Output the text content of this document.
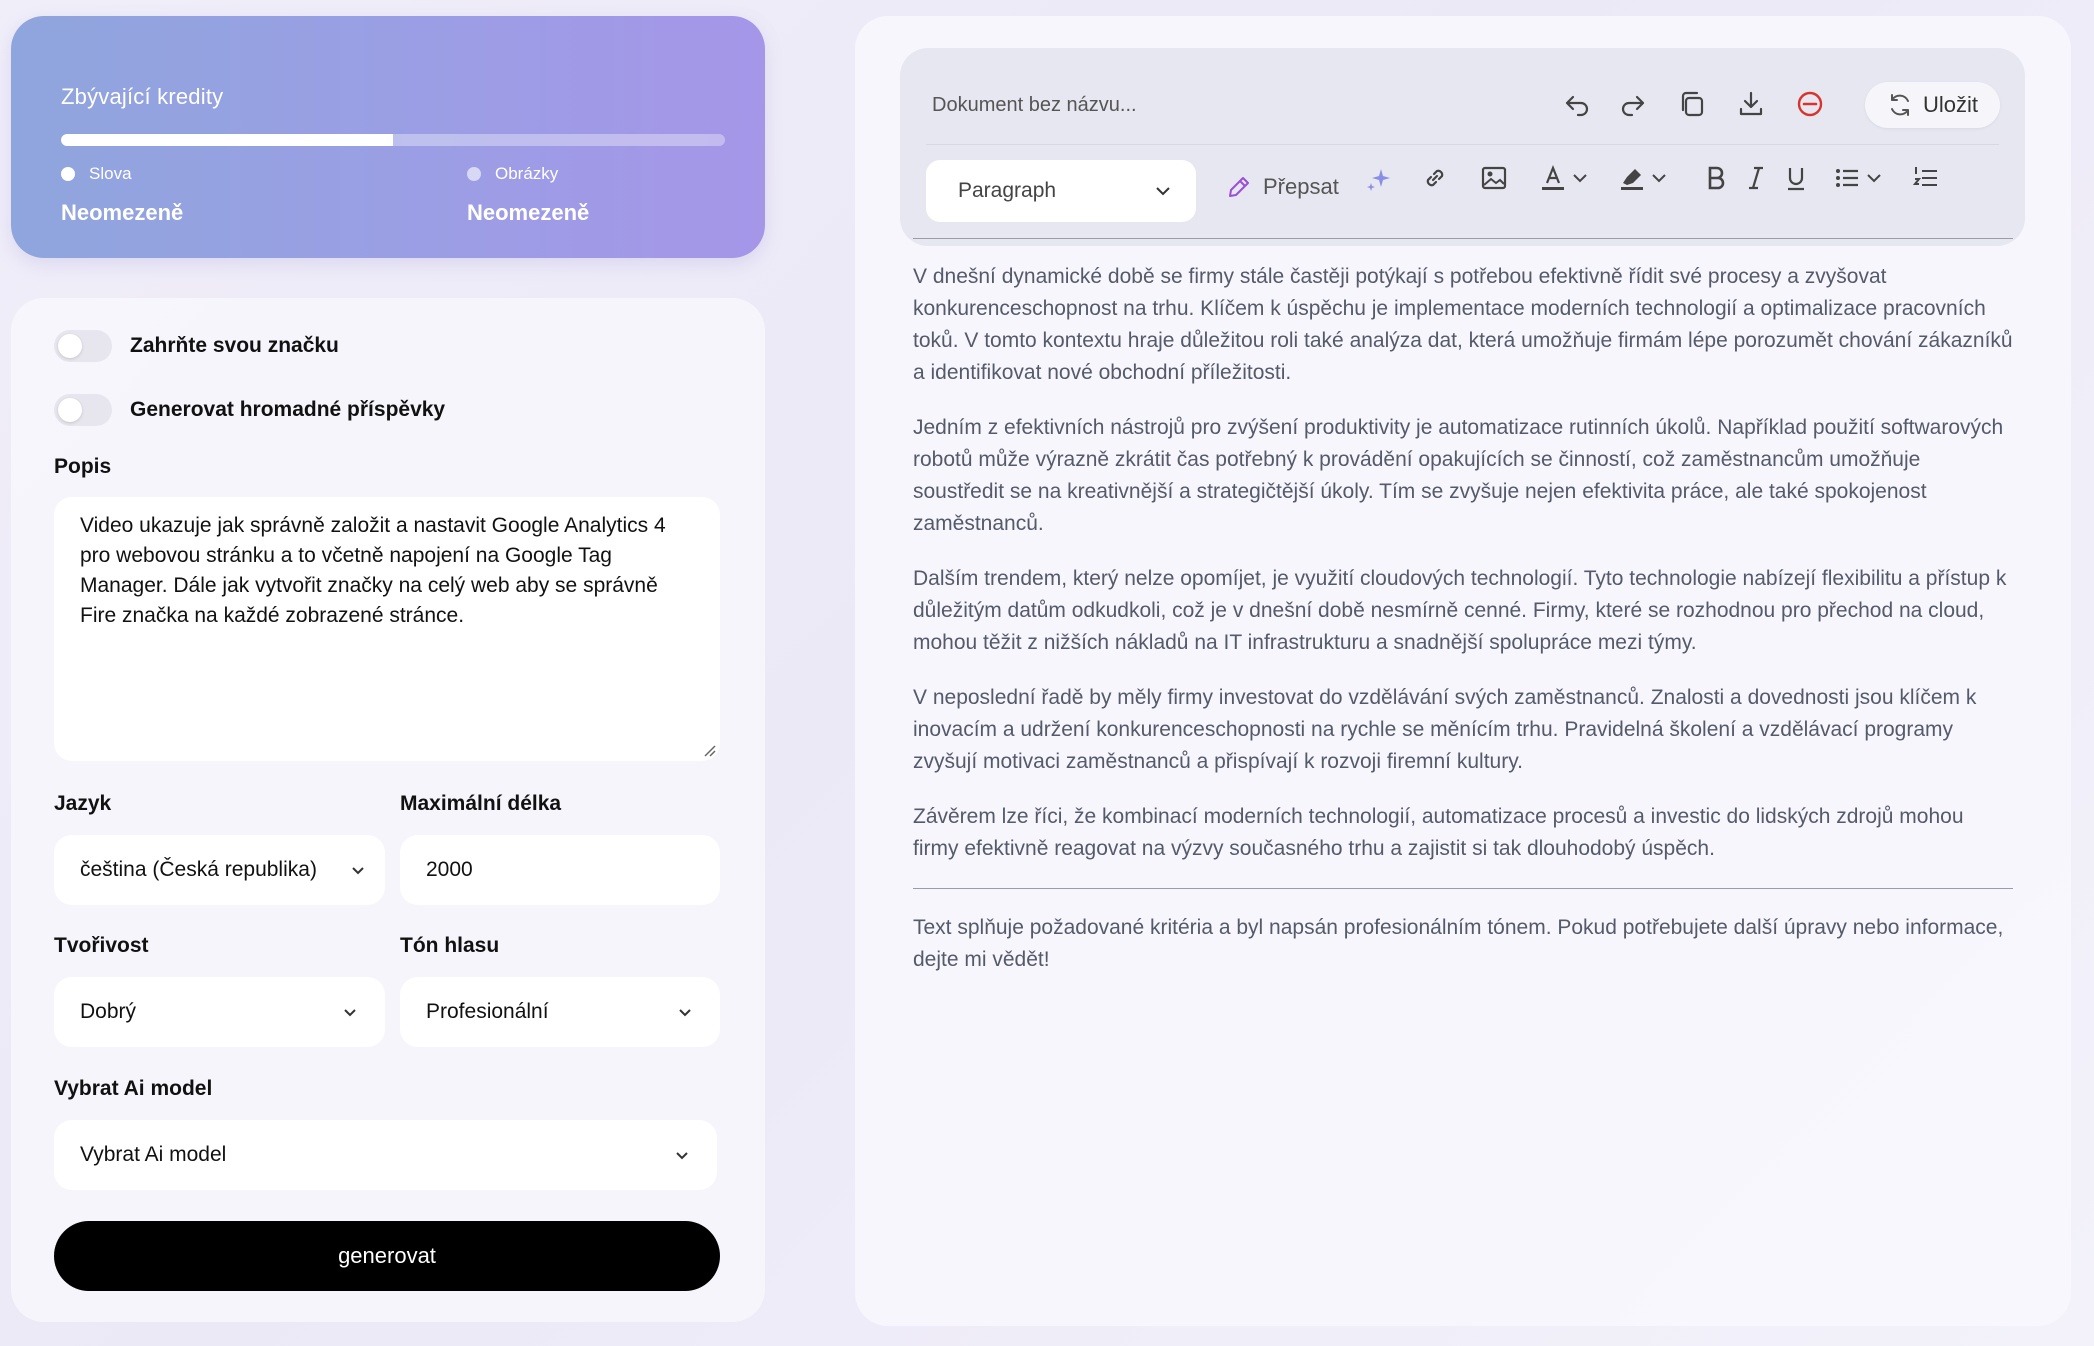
Zbývající kredity
Slova
Neomezeně
Obrázky
Neomezeně
Zahrňte svou značku
Generovat hromadné příspěvky
Popis
Video ukazuje jak správně založit a nastavit Google Analytics 4 pro webovou stránku a to včetně napojení na Google Tag Manager. Dále jak vytvořit značky na celý web aby se správně Fire značka na každé zobrazené stránce.
Jazyk
čeština (Česká republika)
Maximální délka
2000
Tvořivost
Dobrý
Tón hlasu
Profesionální
Vybrat Ai model
Vybrat Ai model
generovat
Dokument bez názvu...	Uložit
Paragraph	Přepsat

V dnešní dynamické době se firmy stále častěji potýkají s potřebou efektivně řídit své procesy a zvyšovat konkurenceschopnost na trhu. Klíčem k úspěchu je implementace moderních technologií a optimalizace pracovních toků. V tomto kontextu hraje důležitou roli také analýza dat, která umožňuje firmám lépe porozumět chování zákazníků a identifikovat nové obchodní příležitosti.

Jedním z efektivních nástrojů pro zvýšení produktivity je automatizace rutinních úkolů. Například použití softwarových robotů může výrazně zkrátit čas potřebný k provádění opakujících se činností, což zaměstnancům umožňuje soustředit se na kreativnější a strategičtější úkoly. Tím se zvyšuje nejen efektivita práce, ale také spokojenost zaměstnanců.

Dalším trendem, který nelze opomíjet, je využití cloudových technologií. Tyto technologie nabízejí flexibilitu a přístup k důležitým datům odkudkoli, což je v dnešní době nesmírně cenné. Firmy, které se rozhodnou pro přechod na cloud, mohou těžit z nižších nákladů na IT infrastrukturu a snadnější spolupráce mezi týmy.

V neposlední řadě by měly firmy investovat do vzdělávání svých zaměstnanců. Znalosti a dovednosti jsou klíčem k inovacím a udržení konkurenceschopnosti na rychle se měnícím trhu. Pravidelná školení a vzdělávací programy zvyšují motivaci zaměstnanců a přispívají k rozvoji firemní kultury.

Závěrem lze říci, že kombinací moderních technologií, automatizace procesů a investic do lidských zdrojů mohou firmy efektivně reagovat na výzvy současného trhu a zajistit si tak dlouhodobý úspěch.

Text splňuje požadované kritéria a byl napsán profesionálním tónem. Pokud potřebujete další úpravy nebo informace, dejte mi vědět!
